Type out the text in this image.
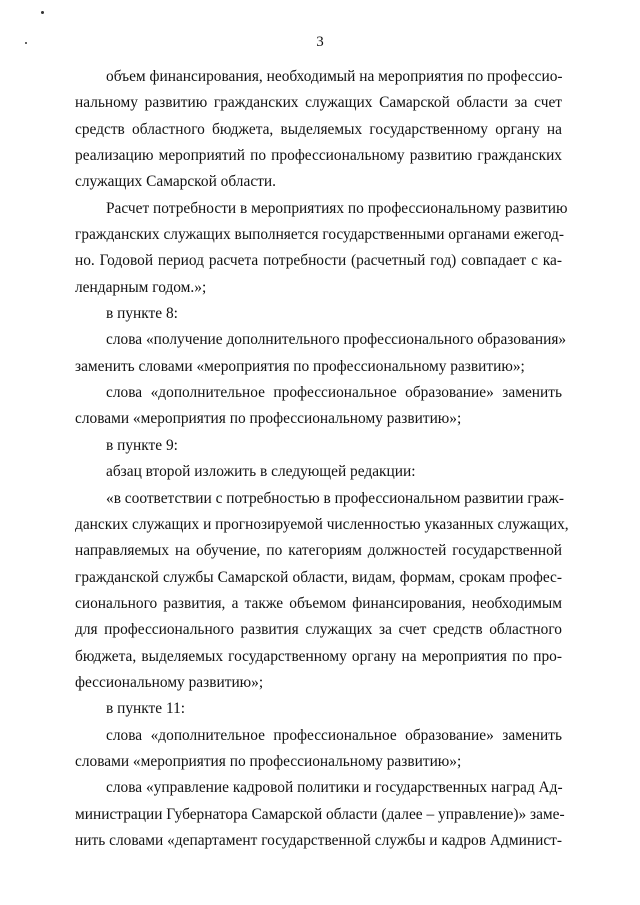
3

объем финансирования, необходимый на мероприятия по профессио-
нальному развитию гражданских служащих Самарской области за счет
средств областного бюджета, выделяемых государственному органу на
реализацию мероприятий по профессиональному развитию гражданских
служащих Самарской области.

Расчет потребности в мероприятиях по профессиональному развитию
гражданских служащих выполняется государственными органами ежегод-
но. Годовой период расчета потребности (расчетный год) совпадает с ка-
лендарным годом.»;

в пункте 8:

слова «получение дополнительного профессионального образования»
заменить словами «мероприятия по профессиональному развитию»;

слова «дополнительное профессиональное образование» заменить
словами «мероприятия по профессиональному развитию»;

в пункте 9:

абзац второй изложить в следующей редакции:

«в соответствии с потребностью в профессиональном развитии граж-
данских служащих и прогнозируемой численностью указанных служащих,
направляемых на обучение, по категориям должностей государственной
гражданской службы Самарской области, видам, формам, срокам профес-
сионального развития, а также объемом финансирования, необходимым
для профессионального развития служащих за счет средств областного
бюджета, выделяемых государственному органу на мероприятия по про-
фессиональному развитию»;

в пункте 11:

слова «дополнительное профессиональное образование» заменить
словами «мероприятия по профессиональному развитию»;

слова «управление кадровой политики и государственных наград Ад-
министрации Губернатора Самарской области (далее – управление)» заме-
нить словами «департамент государственной службы и кадров Админист-
